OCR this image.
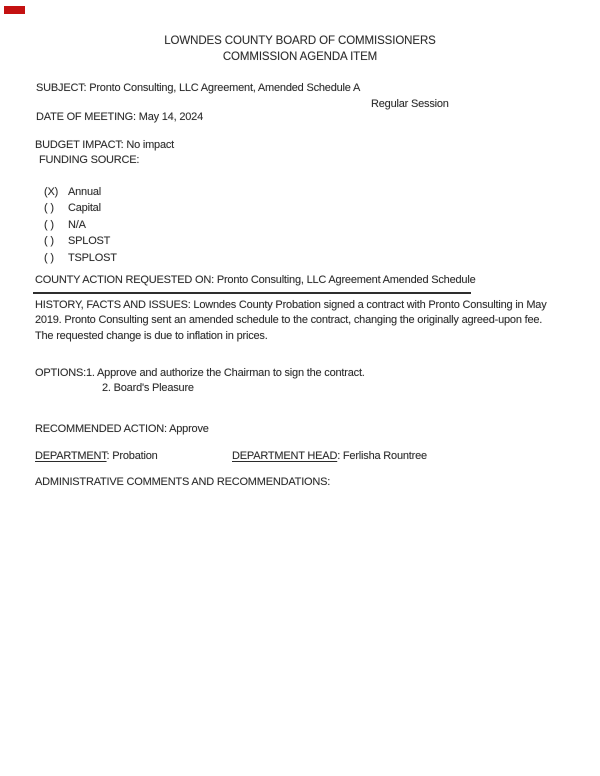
LOWNDES COUNTY BOARD OF COMMISSIONERS
COMMISSION AGENDA ITEM
SUBJECT: Pronto Consulting, LLC Agreement, Amended Schedule A
Regular Session
DATE OF MEETING: May 14, 2024
BUDGET IMPACT: No impact
FUNDING SOURCE:
(X) Annual
( ) Capital
( ) N/A
( ) SPLOST
( ) TSPLOST
COUNTY ACTION REQUESTED ON: Pronto Consulting, LLC Agreement Amended Schedule
HISTORY, FACTS AND ISSUES: Lowndes County Probation signed a contract with Pronto Consulting in May
2019. Pronto Consulting sent an amended schedule to the contract, changing the originally agreed-upon fee.
The requested change is due to inflation in prices.
OPTIONS: 1. Approve and authorize the Chairman to sign the contract.
2. Board's Pleasure
RECOMMENDED ACTION: Approve
DEPARTMENT: Probation	DEPARTMENT HEAD: Ferlisha Rountree
ADMINISTRATIVE COMMENTS AND RECOMMENDATIONS:
